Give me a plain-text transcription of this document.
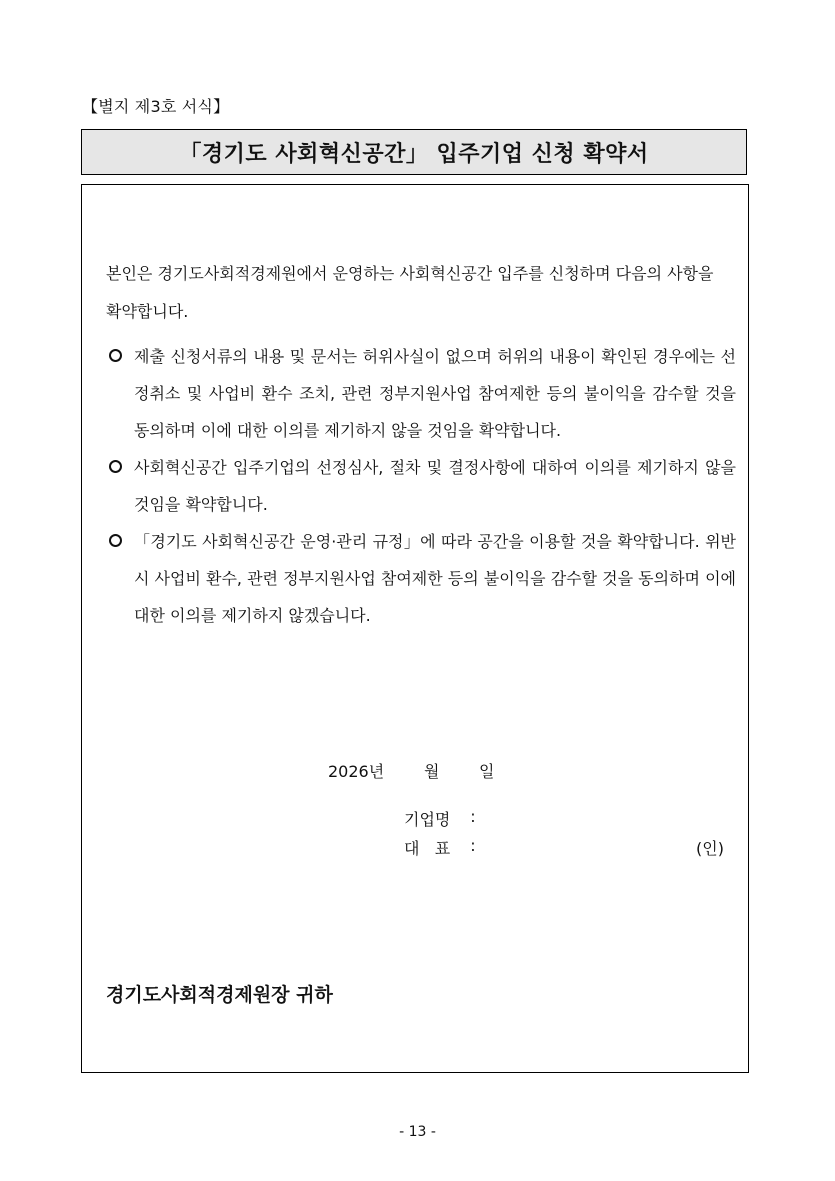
【별지 제3호 서식】
「경기도 사회혁신공간」 입주기업 신청 확약서
본인은 경기도사회적경제원에서 운영하는 사회혁신공간 입주를 신청하며 다음의 사항을 확약합니다.
제출 신청서류의 내용 및 문서는 허위사실이 없으며 허위의 내용이 확인된 경우에는 선정취소 및 사업비 환수 조치, 관련 정부지원사업 참여제한 등의 불이익을 감수할 것을 동의하며 이에 대한 이의를 제기하지 않을 것임을 확약합니다.
사회혁신공간 입주기업의 선정심사, 절차 및 결정사항에 대하여 이의를 제기하지 않을 것임을 확약합니다.
「경기도 사회혁신공간 운영·관리 규정」에 따라 공간을 이용할 것을 확약합니다. 위반시 사업비 환수, 관련 정부지원사업 참여제한 등의 불이익을 감수할 것을 동의하며 이에 대한 이의를 제기하지 않겠습니다.
2026년	월	일
기업명	:
대   표	:	(인)
경기도사회적경제원장 귀하
- 13 -
